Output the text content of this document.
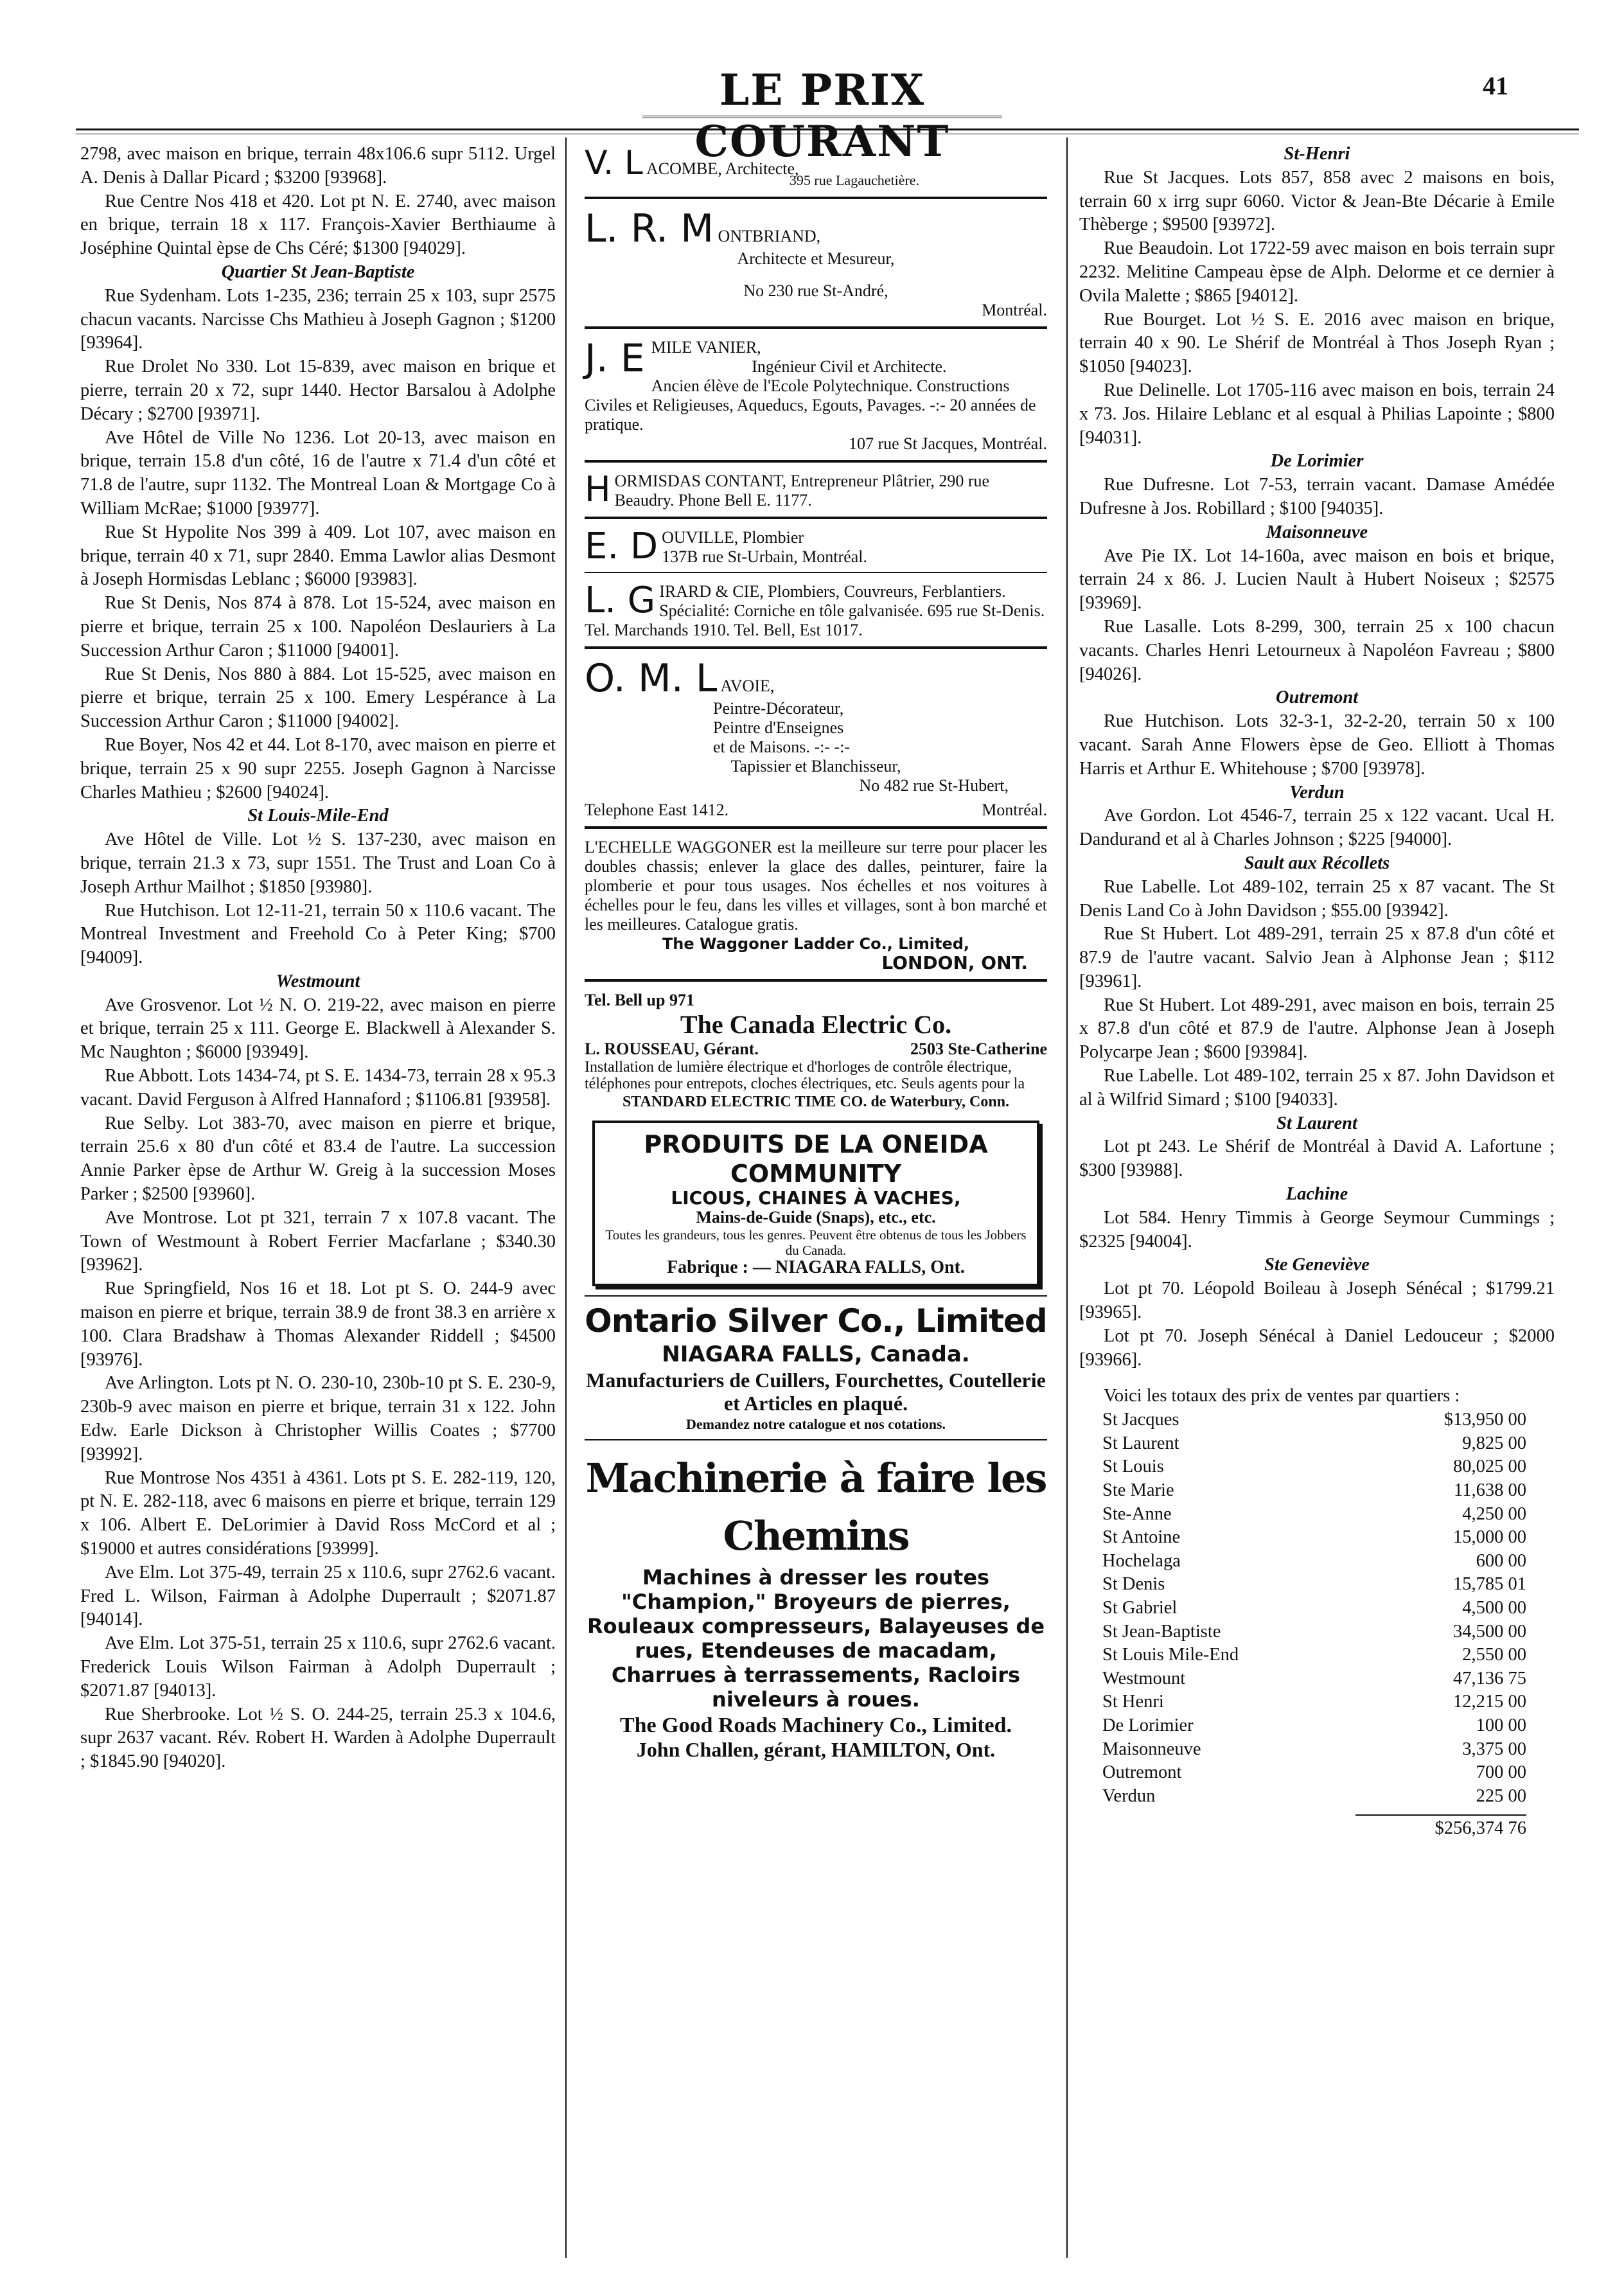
LE PRIX COURANT
41

2798, avec maison en brique, terrain 48x106.6 supr 5112. Urgel A. Denis à Dallar Picard ; $3200 [93968].

Rue Centre Nos 418 et 420. Lot pt N. E. 2740, avec maison en brique, terrain 18 x 117. François-Xavier Berthiaume à Joséphine Quintal èpse de Chs Céré; $1300 [94029].

Quartier St Jean-Baptiste

Rue Sydenham. Lots 1-235, 236; terrain 25 x 103, supr 2575 chacun vacants. Narcisse Chs Mathieu à Joseph Gagnon ; $1200 [93964].

Rue Drolet No 330. Lot 15-839, avec maison en brique et pierre, terrain 20 x 72, supr 1440. Hector Barsalou à Adolphe Décary ; $2700 [93971].

Ave Hôtel de Ville No 1236. Lot 20-13, avec maison en brique, terrain 15.8 d'un côté, 16 de l'autre x 71.4 d'un côté et 71.8 de l'autre, supr 1132. The Montreal Loan & Mortgage Co à William McRae; $1000 [93977].

Rue St Hypolite Nos 399 à 409. Lot 107, avec maison en brique, terrain 40 x 71, supr 2840. Emma Lawlor alias Desmont à Joseph Hormisdas Leblanc ; $6000 [93983].

Rue St Denis, Nos 874 à 878. Lot 15-524, avec maison en pierre et brique, terrain 25 x 100. Napoléon Deslauriers à La Succession Arthur Caron ; $11000 [94001].

Rue St Denis, Nos 880 à 884. Lot 15-525, avec maison en pierre et brique, terrain 25 x 100. Emery Lespérance à La Succession Arthur Caron ; $11000 [94002].

Rue Boyer, Nos 42 et 44. Lot 8-170, avec maison en pierre et brique, terrain 25 x 90 supr 2255. Joseph Gagnon à Narcisse Charles Mathieu ; $2600 [94024].

St Louis-Mile-End

Ave Hôtel de Ville. Lot ½ S. 137-230, avec maison en brique, terrain 21.3 x 73, supr 1551. The Trust and Loan Co à Joseph Arthur Mailhot ; $1850 [93980].

Rue Hutchison. Lot 12-11-21, terrain 50 x 110.6 vacant. The Montreal Investment and Freehold Co à Peter King; $700 [94009].

Westmount

Ave Grosvenor. Lot ½ N. O. 219-22, avec maison en pierre et brique, terrain 25 x 111. George E. Blackwell à Alexander S. Mc Naughton ; $6000 [93949].

Rue Abbott. Lots 1434-74, pt S. E. 1434-73, terrain 28 x 95.3 vacant. David Ferguson à Alfred Hannaford ; $1106.81 [93958].

Rue Selby. Lot 383-70, avec maison en pierre et brique, terrain 25.6 x 80 d'un côté et 83.4 de l'autre. La succession Annie Parker èpse de Arthur W. Greig à la succession Moses Parker ; $2500 [93960].

Ave Montrose. Lot pt 321, terrain 7 x 107.8 vacant. The Town of Westmount à Robert Ferrier Macfarlane ; $340.30 [93962].

Rue Springfield, Nos 16 et 18. Lot pt S. O. 244-9 avec maison en pierre et brique, terrain 38.9 de front 38.3 en arrière x 100. Clara Bradshaw à Thomas Alexander Riddell ; $4500 [93976].

Ave Arlington. Lots pt N. O. 230-10, 230b-10 pt S. E. 230-9, 230b-9 avec maison en pierre et brique, terrain 31 x 122. John Edw. Earle Dickson à Christopher Willis Coates ; $7700 [93992].

Rue Montrose Nos 4351 à 4361. Lots pt S. E. 282-119, 120, pt N. E. 282-118, avec 6 maisons en pierre et brique, terrain 129 x 106. Albert E. DeLorimier à David Ross McCord et al ; $19000 et autres considérations [93999].

Ave Elm. Lot 375-49, terrain 25 x 110.6, supr 2762.6 vacant. Fred L. Wilson, Fairman à Adolphe Duperrault ; $2071.87 [94014].

Ave Elm. Lot 375-51, terrain 25 x 110.6, supr 2762.6 vacant. Frederick Louis Wilson Fairman à Adolph Duperrault ; $2071.87 [94013].

Rue Sherbrooke. Lot ½ S. O. 244-25, terrain 25.3 x 104.6, supr 2637 vacant. Rév. Robert H. Warden à Adolphe Duperrault ; $1845.90 [94020].

V. L ACOMBE, Architecte,
395 rue Lagauchetière.
L. R. M ONTBRIAND,
Architecte et Mesureur,
No 230 rue St-André,
Montréal.
J. E MILE VANIER,
Ingénieur Civil et Architecte.
Ancien élève de l'Ecole Polytechnique. Constructions Civiles et Religieuses, Aqueducs, Egouts, Pavages. -:- 20 années de pratique.
107 rue St Jacques, Montréal.
H ORMISDAS CONTANT, Entrepreneur Plâtrier, 290 rue Beaudry. Phone Bell E. 1177.
E. D OUVILLE, Plombier
137B rue St-Urbain, Montréal.
L. G IRARD & CIE, Plombiers, Couvreurs, Ferblantiers. Spécialité: Corniche en tôle galvanisée. 695 rue St-Denis. Tel. Marchands 1910. Tel. Bell, Est 1017.
O. M. L AVOIE,
Peintre-Décorateur,
Peintre d'Enseignes
et de Maisons. -:- -:-
Tapissier et Blanchisseur,
No 482 rue St-Hubert,
Telephone East 1412.	Montréal.
L'ECHELLE WAGGONER est la meilleure sur terre pour placer les doubles chassis; enlever la glace des dalles, peinturer, faire la plomberie et pour tous usages. Nos échelles et nos voitures à échelles pour le feu, dans les villes et villages, sont à bon marché et les meilleures. Catalogue gratis.
The Waggoner Ladder Co., Limited,
LONDON, ONT.
Tel. Bell up 971
The Canada Electric Co.
L. ROUSSEAU, Gérant.	2503 Ste-Catherine
Installation de lumière électrique et d'horloges de contrôle électrique, téléphones pour entrepots, cloches électriques, etc. Seuls agents pour la
STANDARD ELECTRIC TIME CO. de Waterbury, Conn.
PRODUITS DE LA ONEIDA COMMUNITY
LICOUS, CHAINES À VACHES,
Mains-de-Guide (Snaps), etc., etc.
Toutes les grandeurs, tous les genres. Peuvent être obtenus de tous les Jobbers du Canada.
Fabrique : — NIAGARA FALLS, Ont.
Ontario Silver Co., Limited
NIAGARA FALLS, Canada.
Manufacturiers de Cuillers, Fourchettes, Coutellerie et Articles en plaqué.
Demandez notre catalogue et nos cotations.
Machinerie à faire les Chemins
Machines à dresser les routes "Champion," Broyeurs de pierres, Rouleaux compresseurs, Balayeuses de rues, Etendeuses de macadam, Charrues à terrassements, Racloirs niveleurs à roues.
The Good Roads Machinery Co., Limited.
John Challen, gérant, HAMILTON, Ont.

St-Henri

Rue St Jacques. Lots 857, 858 avec 2 maisons en bois, terrain 60 x irrg supr 6060. Victor & Jean-Bte Décarie à Emile Thèberge ; $9500 [93972].

Rue Beaudoin. Lot 1722-59 avec maison en bois terrain supr 2232. Melitine Campeau èpse de Alph. Delorme et ce dernier à Ovila Malette ; $865 [94012].

Rue Bourget. Lot ½ S. E. 2016 avec maison en brique, terrain 40 x 90. Le Shérif de Montréal à Thos Joseph Ryan ; $1050 [94023].

Rue Delinelle. Lot 1705-116 avec maison en bois, terrain 24 x 73. Jos. Hilaire Leblanc et al esqual à Philias Lapointe ; $800 [94031].

De Lorimier

Rue Dufresne. Lot 7-53, terrain vacant. Damase Amédée Dufresne à Jos. Robillard ; $100 [94035].

Maisonneuve

Ave Pie IX. Lot 14-160a, avec maison en bois et brique, terrain 24 x 86. J. Lucien Nault à Hubert Noiseux ; $2575 [93969].

Rue Lasalle. Lots 8-299, 300, terrain 25 x 100 chacun vacants. Charles Henri Letourneux à Napoléon Favreau ; $800 [94026].

Outremont

Rue Hutchison. Lots 32-3-1, 32-2-20, terrain 50 x 100 vacant. Sarah Anne Flowers èpse de Geo. Elliott à Thomas Harris et Arthur E. Whitehouse ; $700 [93978].

Verdun

Ave Gordon. Lot 4546-7, terrain 25 x 122 vacant. Ucal H. Dandurand et al à Charles Johnson ; $225 [94000].

Sault aux Récollets

Rue Labelle. Lot 489-102, terrain 25 x 87 vacant. The St Denis Land Co à John Davidson ; $55.00 [93942].

Rue St Hubert. Lot 489-291, terrain 25 x 87.8 d'un côté et 87.9 de l'autre vacant. Salvio Jean à Alphonse Jean ; $112 [93961].

Rue St Hubert. Lot 489-291, avec maison en bois, terrain 25 x 87.8 d'un côté et 87.9 de l'autre. Alphonse Jean à Joseph Polycarpe Jean ; $600 [93984].

Rue Labelle. Lot 489-102, terrain 25 x 87. John Davidson et al à Wilfrid Simard ; $100 [94033].

St Laurent

Lot pt 243. Le Shérif de Montréal à David A. Lafortune ; $300 [93988].

Lachine

Lot 584. Henry Timmis à George Seymour Cummings ; $2325 [94004].

Ste Geneviève

Lot pt 70. Léopold Boileau à Joseph Sénécal ; $1799.21 [93965].

Lot pt 70. Joseph Sénécal à Daniel Ledouceur ; $2000 [93966].

Voici les totaux des prix de ventes par quartiers :

St Jacques	$13,950 00
St Laurent	9,825 00
St Louis	80,025 00
Ste Marie	11,638 00
Ste-Anne	4,250 00
St Antoine	15,000 00
Hochelaga	600 00
St Denis	15,785 01
St Gabriel	4,500 00
St Jean-Baptiste	34,500 00
St Louis Mile-End	2,550 00
Westmount	47,136 75
St Henri	12,215 00
De Lorimier	100 00
Maisonneuve	3,375 00
Outremont	700 00
Verdun	225 00
$256,374 76
